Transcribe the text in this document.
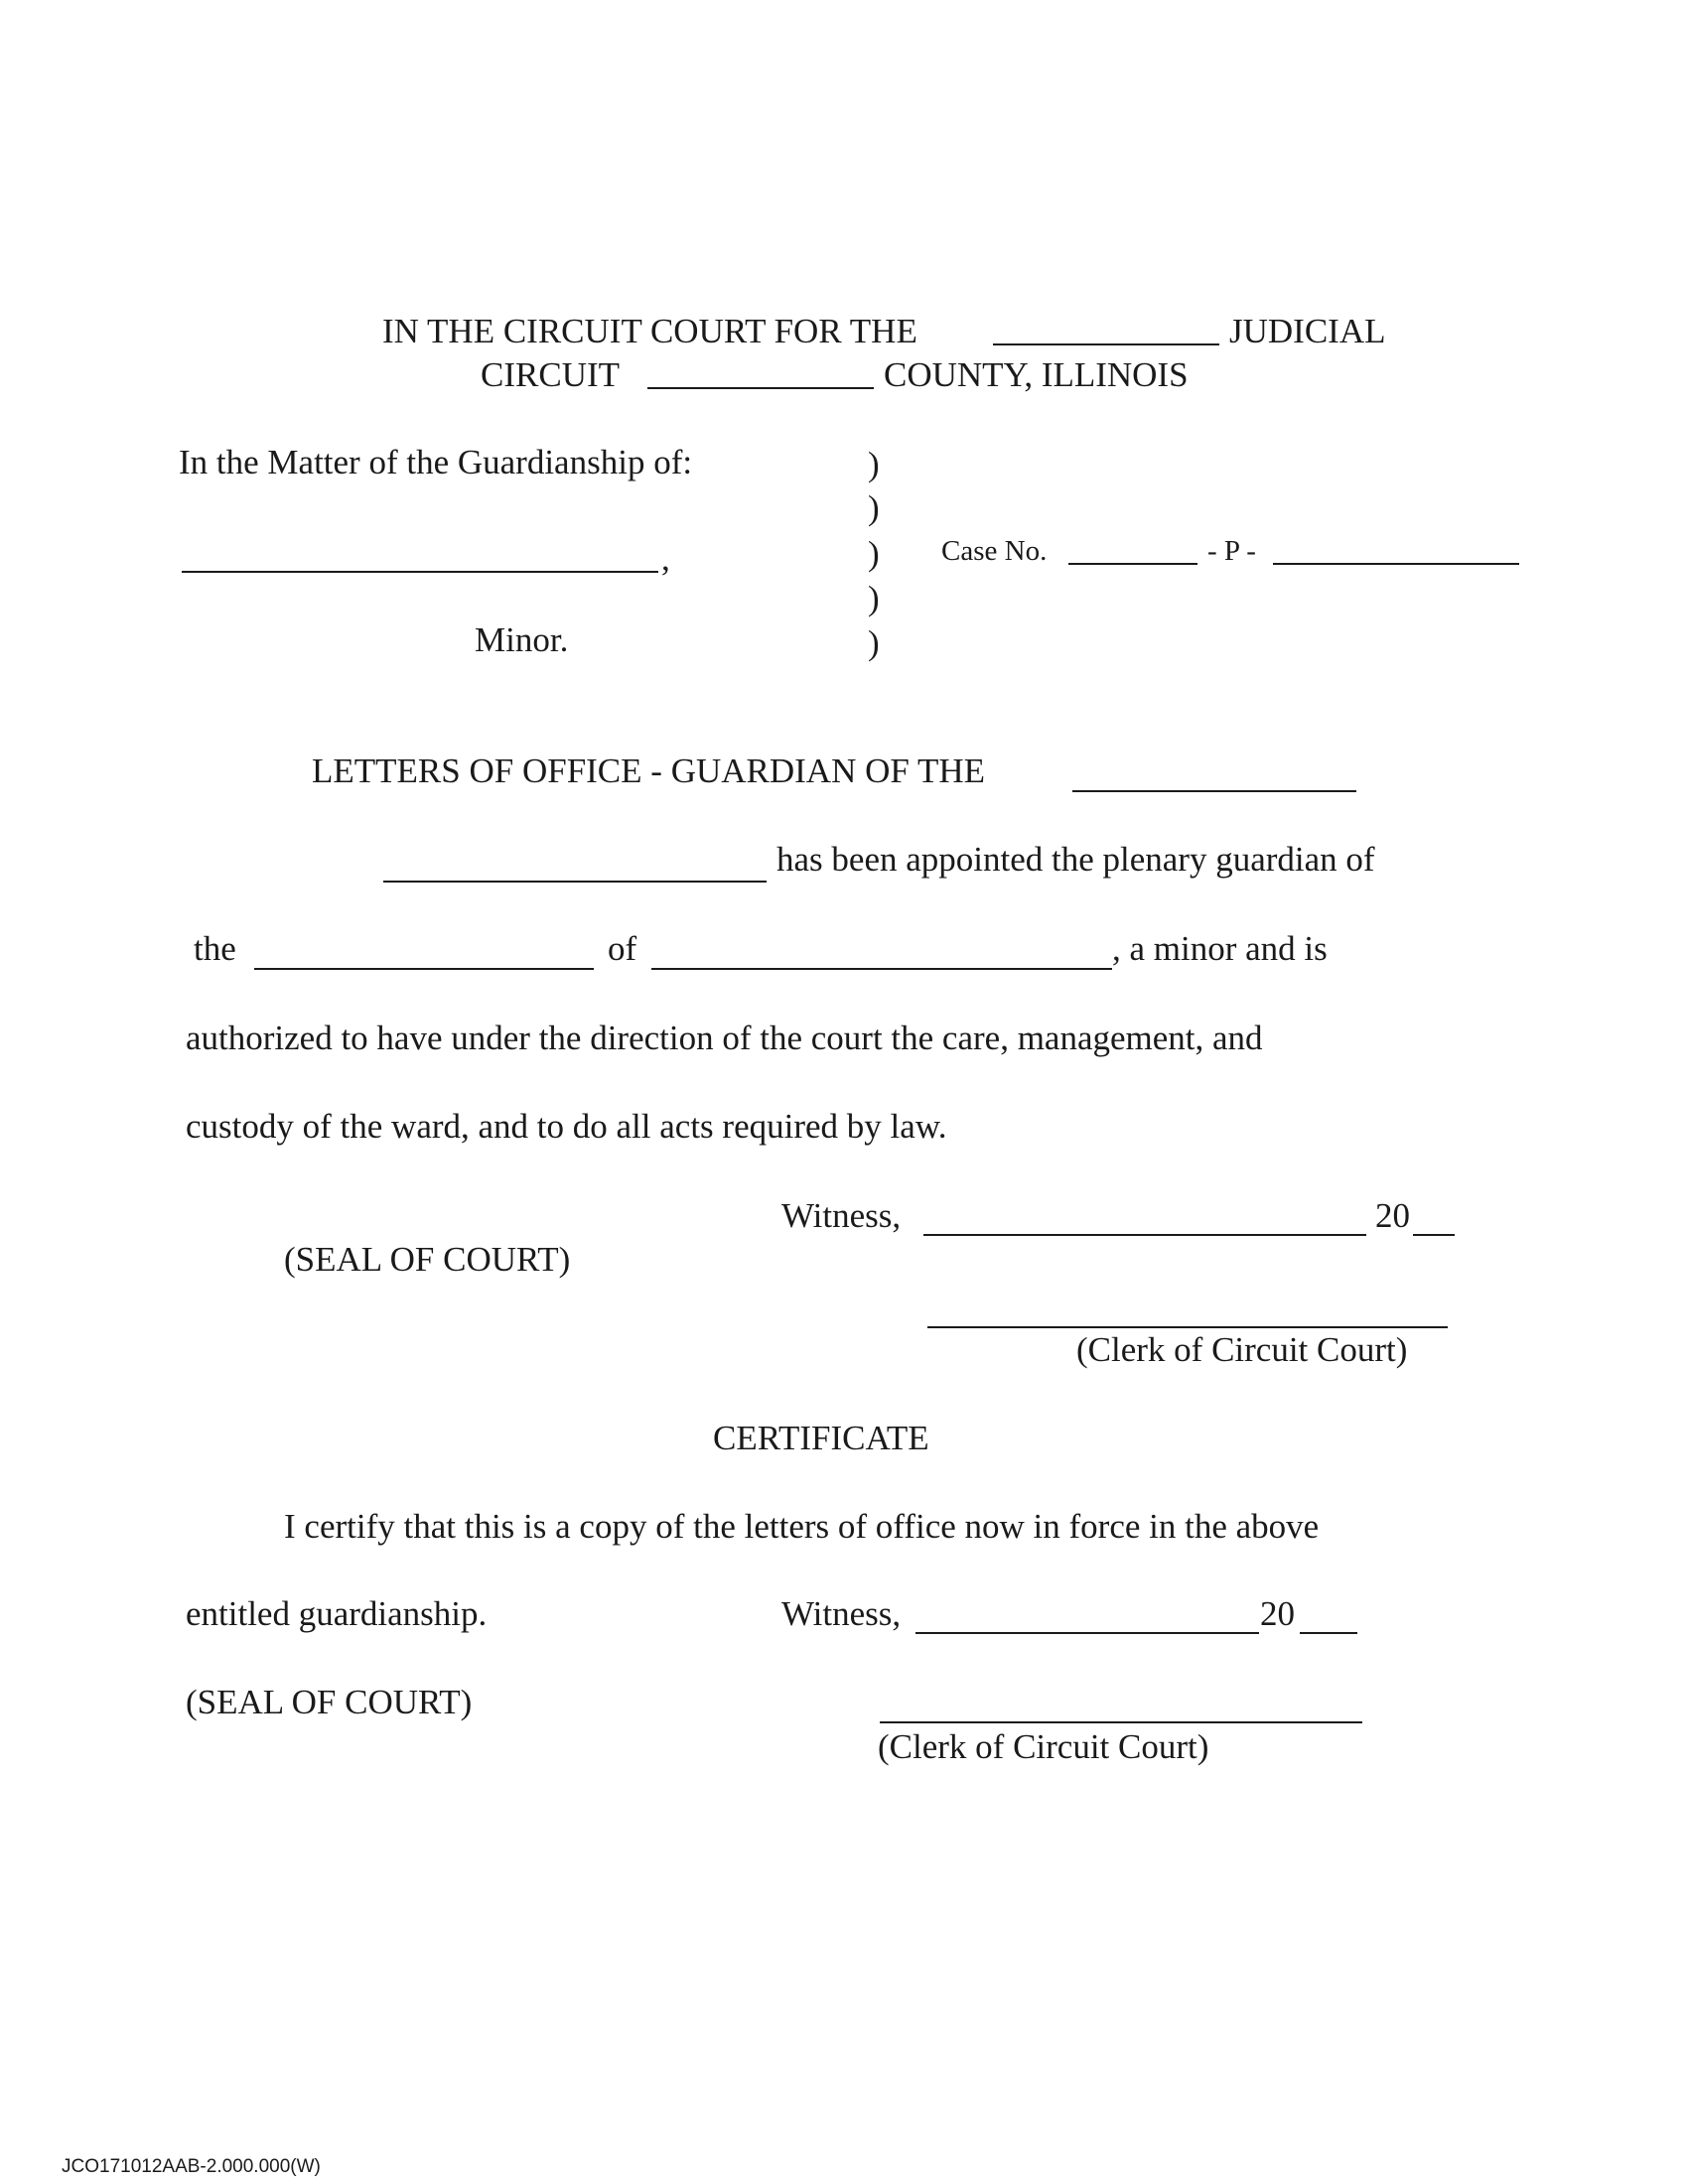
IN THE CIRCUIT COURT FOR THE	JUDICIAL
CIRCUIT	COUNTY, ILLINOIS
In the Matter of the Guardianship of:
,
Minor.
)
)
)
)
)
Case No.	- P -
LETTERS OF OFFICE - GUARDIAN OF THE
has been appointed the plenary guardian of
the	of	, a minor and is
authorized to have under the direction of the court the care, management, and
custody of the ward, and to do all acts required by law.
Witness,	20
(SEAL OF COURT)
(Clerk of Circuit Court)
CERTIFICATE
I certify that this is a copy of the letters of office now in force in the above
entitled guardianship.	Witness,	20
(SEAL OF COURT)
(Clerk of Circuit Court)
JCO171012AAB-2.000.000(W)
